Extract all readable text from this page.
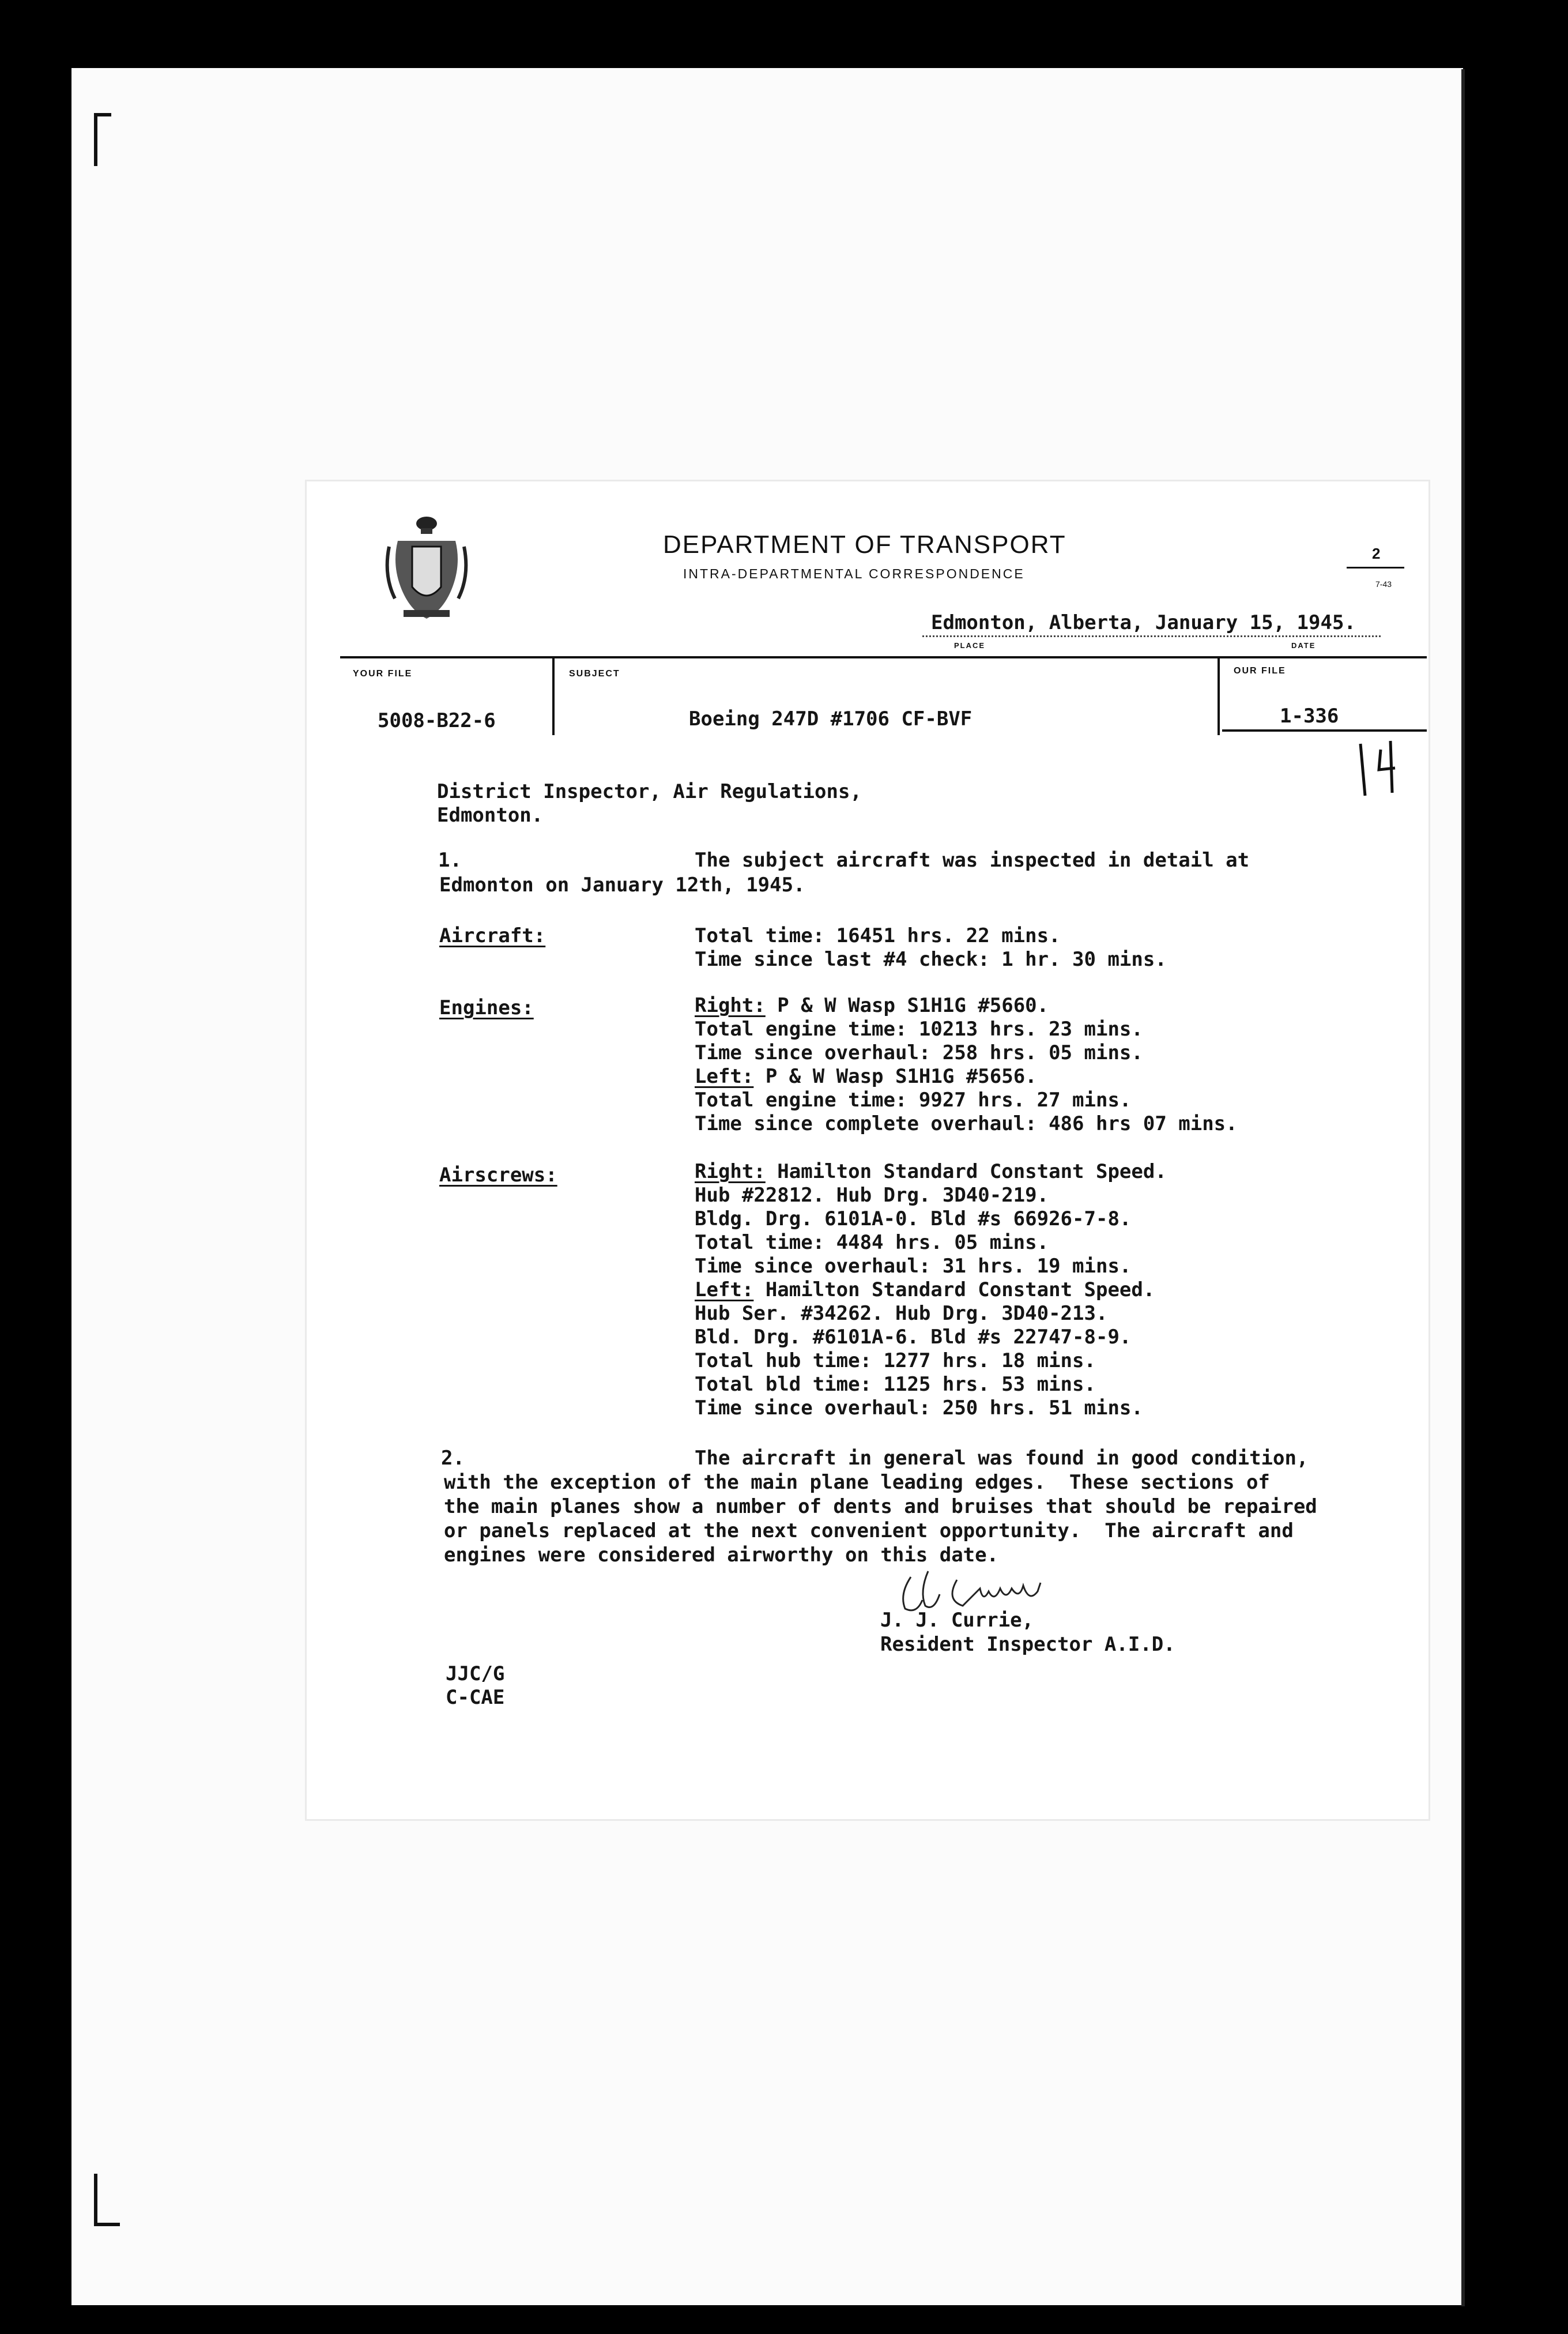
DEPARTMENT OF TRANSPORT
INTRA-DEPARTMENTAL CORRESPONDENCE
2
7-43
Edmonton, Alberta, January 15, 1945.
PLACE	DATE
YOUR FILE	SUBJECT	OUR FILE
5008-B22-6	Boeing 247D #1706 CF-BVF	1-336
District Inspector, Air Regulations,
Edmonton.
1.	The subject aircraft was inspected in detail at
Edmonton on January 12th, 1945.
Aircraft:	Total time: 16451 hrs. 22 mins.
Time since last #4 check: 1 hr. 30 mins.
Engines:	Right: P & W Wasp S1H1G #5660.
Total engine time: 10213 hrs. 23 mins.
Time since overhaul: 258 hrs. 05 mins.
Left: P & W Wasp S1H1G #5656.
Total engine time: 9927 hrs. 27 mins.
Time since complete overhaul: 486 hrs 07 mins.
Airscrews:	Right: Hamilton Standard Constant Speed.
Hub #22812. Hub Drg. 3D40-219.
Bldg. Drg. 6101A-0. Bld #s 66926-7-8.
Total time: 4484 hrs. 05 mins.
Time since overhaul: 31 hrs. 19 mins.
Left: Hamilton Standard Constant Speed.
Hub Ser. #34262. Hub Drg. 3D40-213.
Bld. Drg. #6101A-6. Bld #s 22747-8-9.
Total hub time: 1277 hrs. 18 mins.
Total bld time: 1125 hrs. 53 mins.
Time since overhaul: 250 hrs. 51 mins.
2.	The aircraft in general was found in good condition,
with the exception of the main plane leading edges.  These sections of
the main planes show a number of dents and bruises that should be repaired
or panels replaced at the next convenient opportunity.  The aircraft and
engines were considered airworthy on this date.
J. J. Currie,
Resident Inspector A.I.D.
JJC/G
C-CAE
